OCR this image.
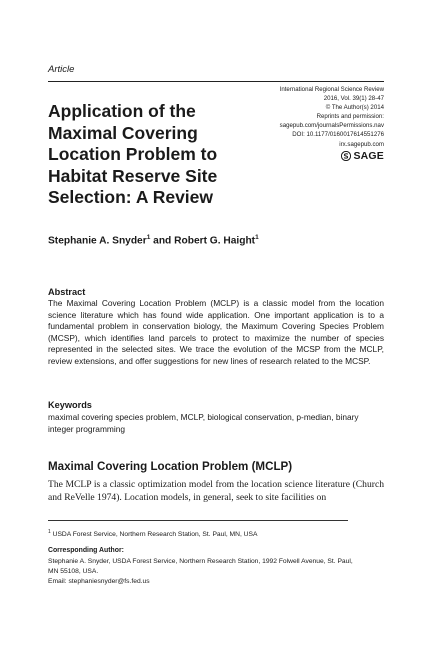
Article
Application of the Maximal Covering Location Problem to Habitat Reserve Site Selection: A Review
International Regional Science Review
2016, Vol. 39(1) 28-47
© The Author(s) 2014
Reprints and permission:
sagepub.com/journalsPermissions.nav
DOI: 10.1177/0160017614551276
irx.sagepub.com
SAGE
Stephanie A. Snyder$^1$ and Robert G. Haight$^1$
Abstract

The Maximal Covering Location Problem (MCLP) is a classic model from the location science literature which has found wide application. One important application is to a fundamental problem in conservation biology, the Maximum Covering Species Problem (MCSP), which identifies land parcels to protect to maximize the number of species represented in the selected sites. We trace the evolution of the MCSP from the MCLP, review extensions, and offer suggestions for new lines of research related to the MCSP.

Keywords

maximal covering species problem, MCLP, biological conservation, p-median, binary integer programming

Maximal Covering Location Problem (MCLP)

The MCLP is a classic optimization model from the location science literature (Church and ReVelle 1974). Location models, in general, seek to site facilities on

$^1$ USDA Forest Service, Northern Research Station, St. Paul, MN, USA
Corresponding Author:
Stephanie A. Snyder, USDA Forest Service, Northern Research Station, 1992 Folwell Avenue, St. Paul,
MN 55108, USA.
Email: stephaniesnyder@fs.fed.us
